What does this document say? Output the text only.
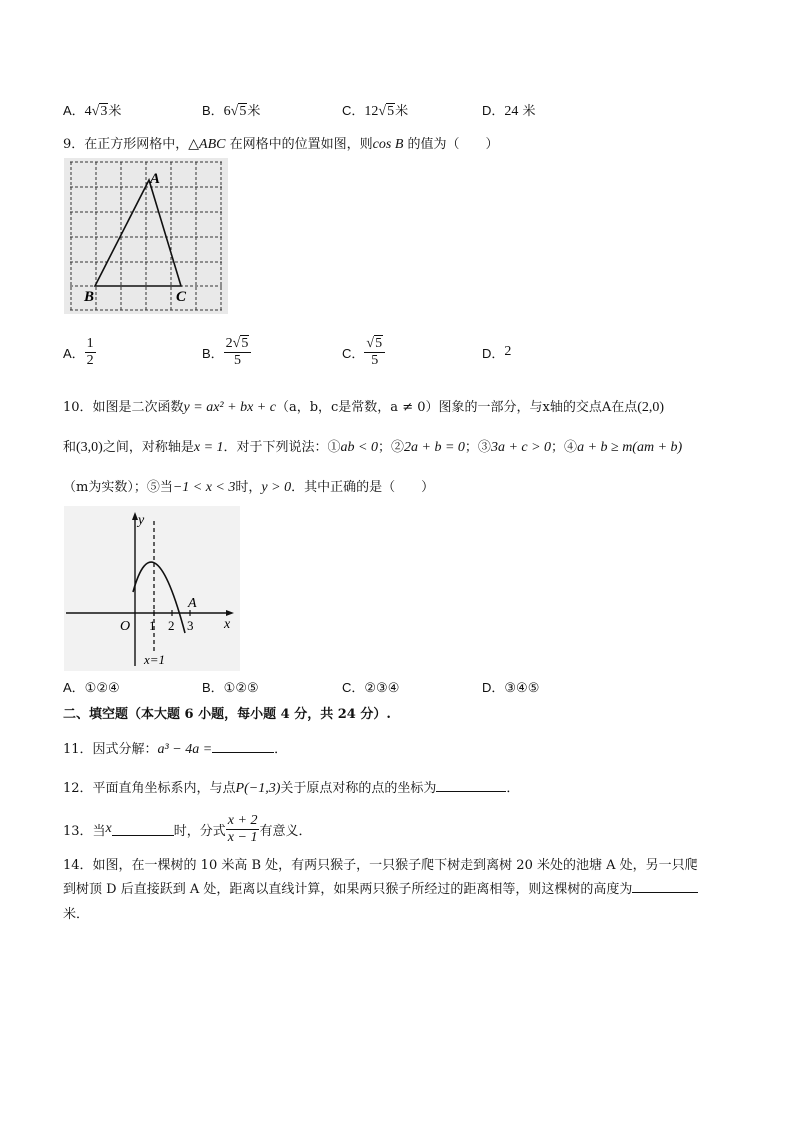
A．4√3米	B．6√5米	C．12√5米	D．24 米
9．在正方形网格中，△ABC 在网格中的位置如图，则cos B 的值为（　　）
A
B	C
A． $\frac{1}{2}$	B． $\frac{2√5}{5}$	C． $\frac{√5}{5}$	D． 2
10．如图是二次函数y = ax² + bx + c（a，b，c是常数，a ≠ 0）图象的一部分，与x轴的交点A在点(2,0)
和(3,0)之间，对称轴是x = 1．对于下列说法：①ab < 0；②2a + b = 0；③3a + c > 0；④a + b ≥ m(am + b)
（m为实数）；⑤当−1 < x < 3时，y > 0．其中正确的是（　　）
y
x
O 1 2 3
A
x=1
A．①②④	B．①②⑤	C．②③④	D．③④⑤
二、填空题（本大题 6 小题，每小题 4 分，共 24 分）.
11．因式分解：a³ − 4a =	．
12．平面直角坐标系内，与点P(−1,3)关于原点对称的点的坐标为	．
13．当 x	时，分式 $\frac{x + 2}{x - 1}$ 有意义．
14．如图，在一棵树的 10 米高 B 处，有两只猴子，一只猴子爬下树走到离树 20 米处的池塘 A 处，另一只爬
到树顶 D 后直接跃到 A 处，距离以直线计算，如果两只猴子所经过的距离相等，则这棵树的高度为
米．
